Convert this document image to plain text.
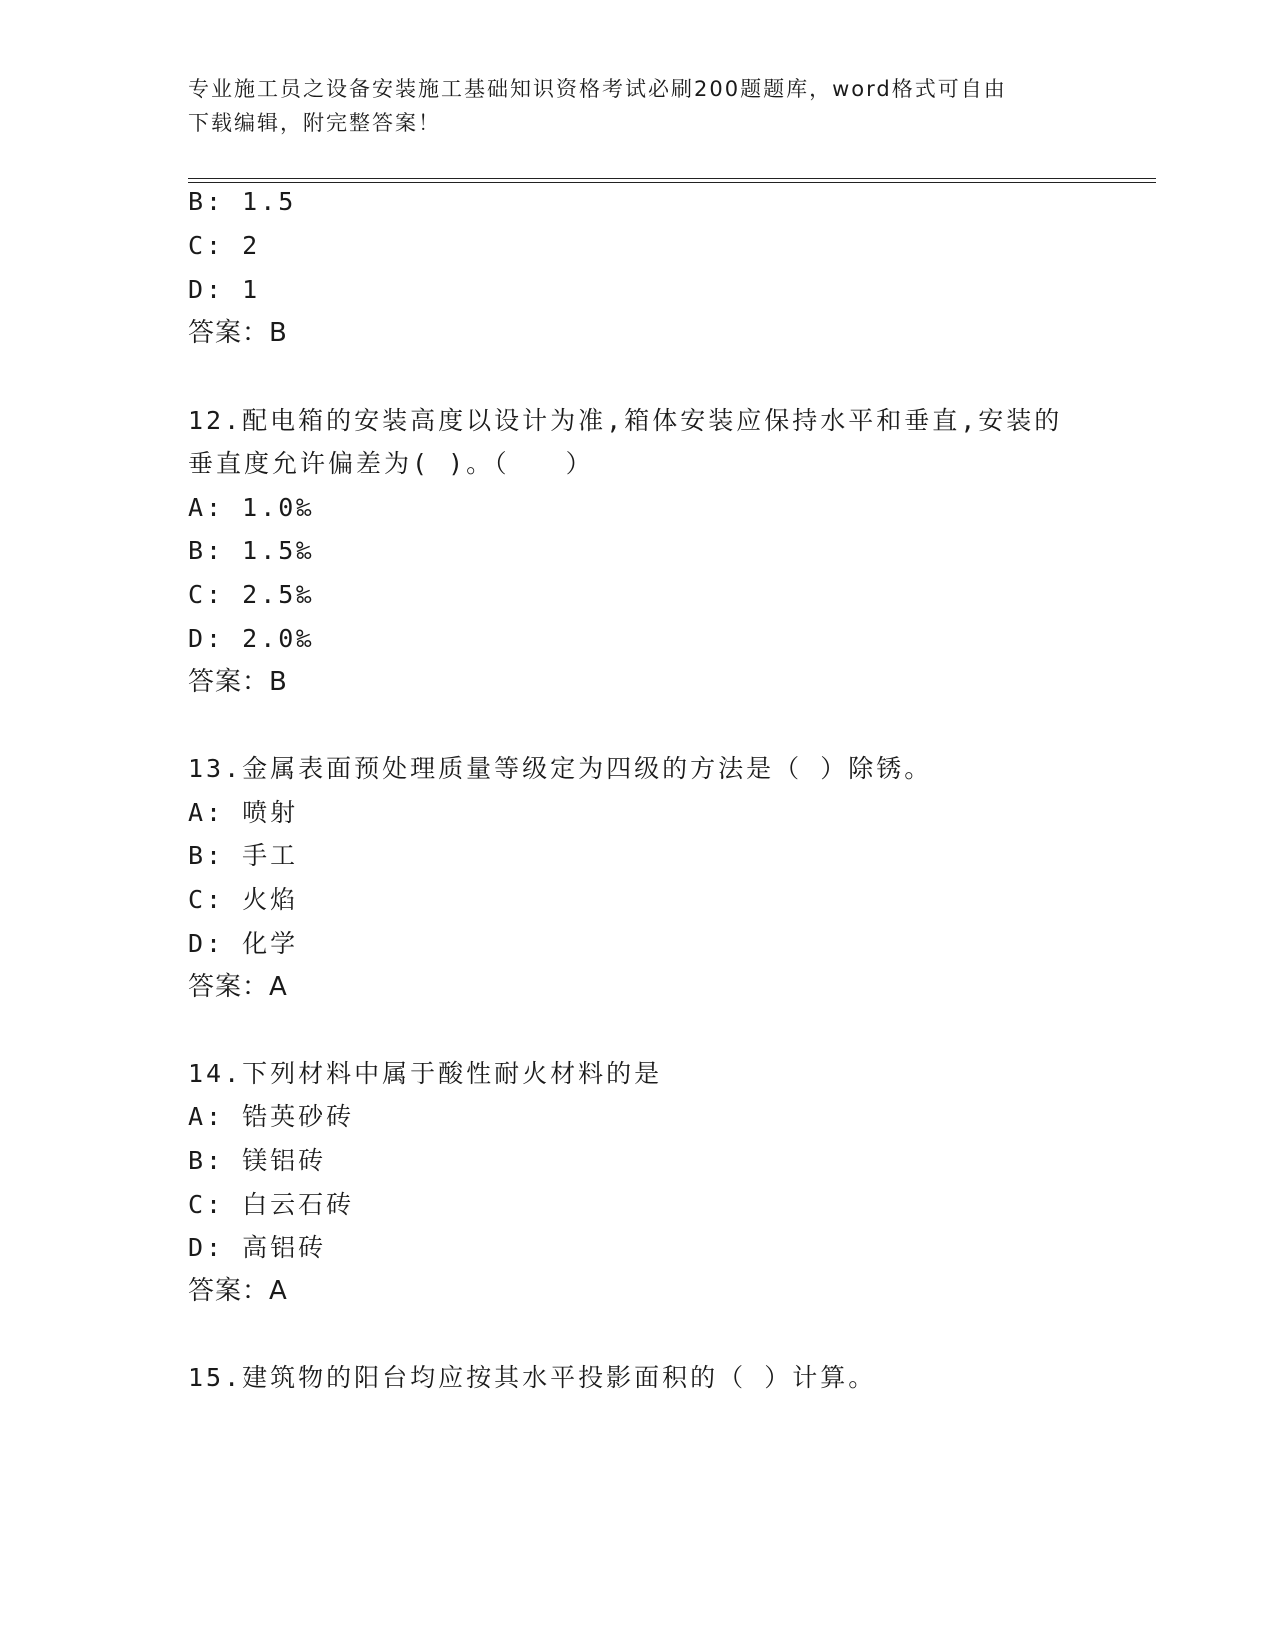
专业施工员之设备安装施工基础知识资格考试必刷200题题库，word格式可自由
下载编辑，附完整答案！
B: 1.5
C: 2
D: 1
答案：B
12.配电箱的安装高度以设计为准,箱体安装应保持水平和垂直,安装的
垂直度允许偏差为( )。（　　）
A: 1.0‰
B: 1.5‰
C: 2.5‰
D: 2.0‰
答案：B
13.金属表面预处理质量等级定为四级的方法是（ ）除锈。
A: 喷射
B: 手工
C: 火焰
D: 化学
答案：A
14.下列材料中属于酸性耐火材料的是
A: 锆英砂砖
B: 镁铝砖
C: 白云石砖
D: 高铝砖
答案：A
15.建筑物的阳台均应按其水平投影面积的（ ）计算。
